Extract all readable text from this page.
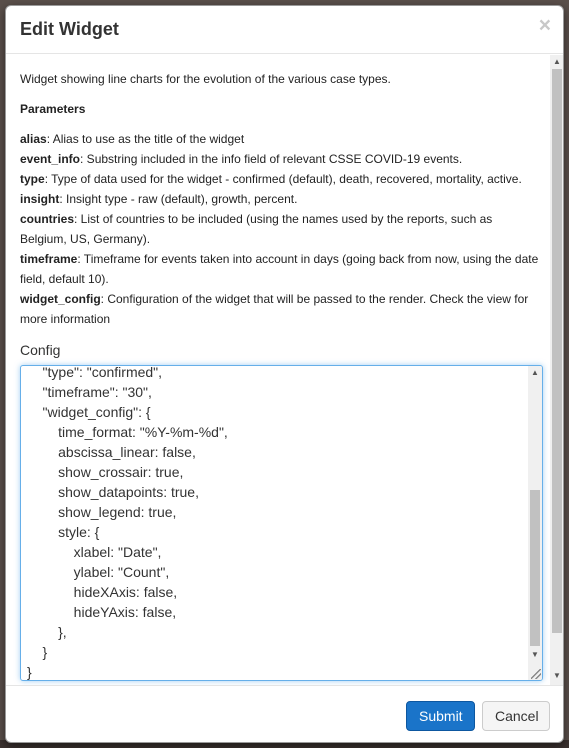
Edit Widget	×
Widget showing line charts for the evolution of the various case types.
Parameters

alias: Alias to use as the title of the widget

event_info: Substring included in the info field of relevant CSSE COVID-19 events.

type: Type of data used for the widget - confirmed (default), death, recovered, mortality, active.

insight: Insight type - raw (default), growth, percent.

countries: List of countries to be included (using the names used by the reports, such as Belgium, US, Germany).

timeframe: Timeframe for events taken into account in days (going back from now, using the date field, default 10).

widget_config: Configuration of the widget that will be passed to the render. Check the view for more information

Config
"type": "confirmed",
"timeframe": "30",
"widget_config": {
time_format: "%Y-%m-%d",
abscissa_linear: false,
show_crossair: true,
show_datapoints: true,
show_legend: true,
style: {
xlabel: "Date",
ylabel: "Count",
hideXAxis: false,
hideYAxis: false,
},
}
}
▲
▼
▲
▼
Submit	Cancel
